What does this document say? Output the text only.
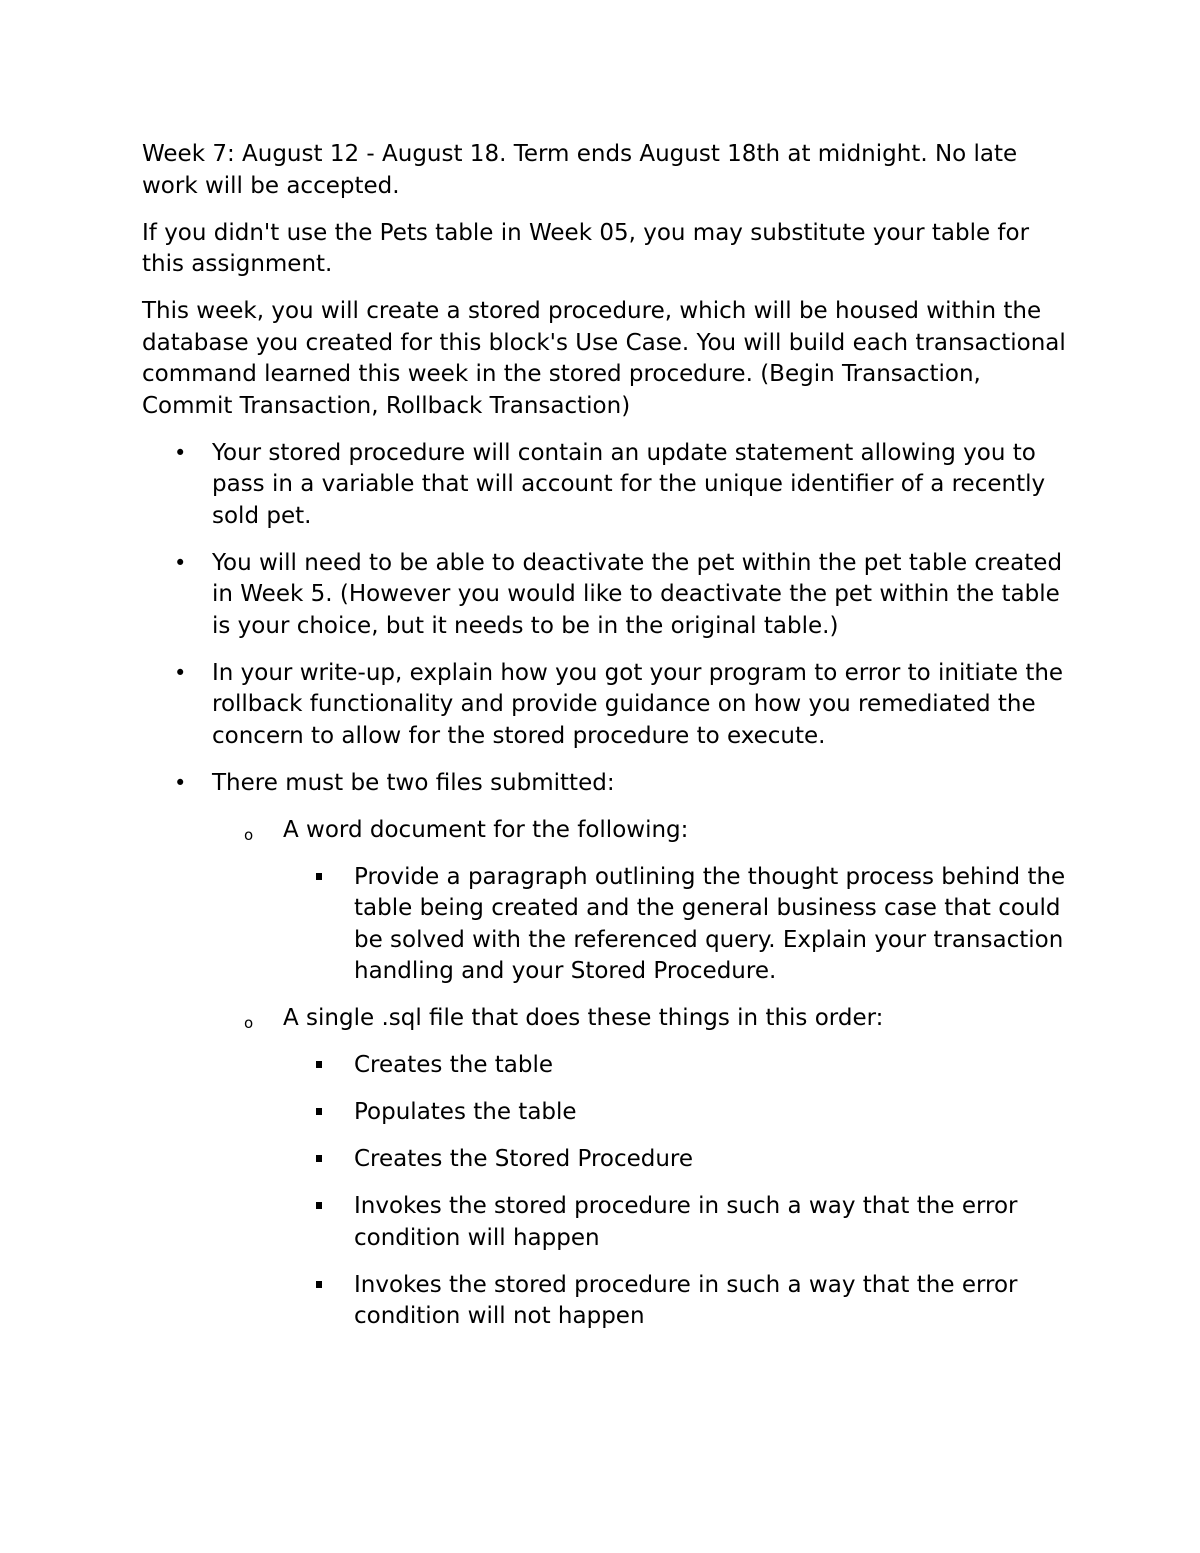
Week 7: August 12 - August 18. Term ends August 18th at midnight. No late work will be accepted.

If you didn't use the Pets table in Week 05, you may substitute your table for this assignment.

This week, you will create a stored procedure, which will be housed within the database you created for this block's Use Case. You will build each transactional command learned this week in the stored procedure. (Begin Transaction, Commit Transaction, Rollback Transaction)

• Your stored procedure will contain an update statement allowing you to pass in a variable that will account for the unique identifier of a recently sold pet.
• You will need to be able to deactivate the pet within the pet table created in Week 5. (However you would like to deactivate the pet within the table is your choice, but it needs to be in the original table.)
• In your write-up, explain how you got your program to error to initiate the rollback functionality and provide guidance on how you remediated the concern to allow for the stored procedure to execute.
• There must be two files submitted:
o A word document for the following:
Provide a paragraph outlining the thought process behind the table being created and the general business case that could be solved with the referenced query. Explain your transaction handling and your Stored Procedure.
o A single .sql file that does these things in this order:
Creates the table
Populates the table
Creates the Stored Procedure
Invokes the stored procedure in such a way that the error condition will happen
Invokes the stored procedure in such a way that the error condition will not happen
